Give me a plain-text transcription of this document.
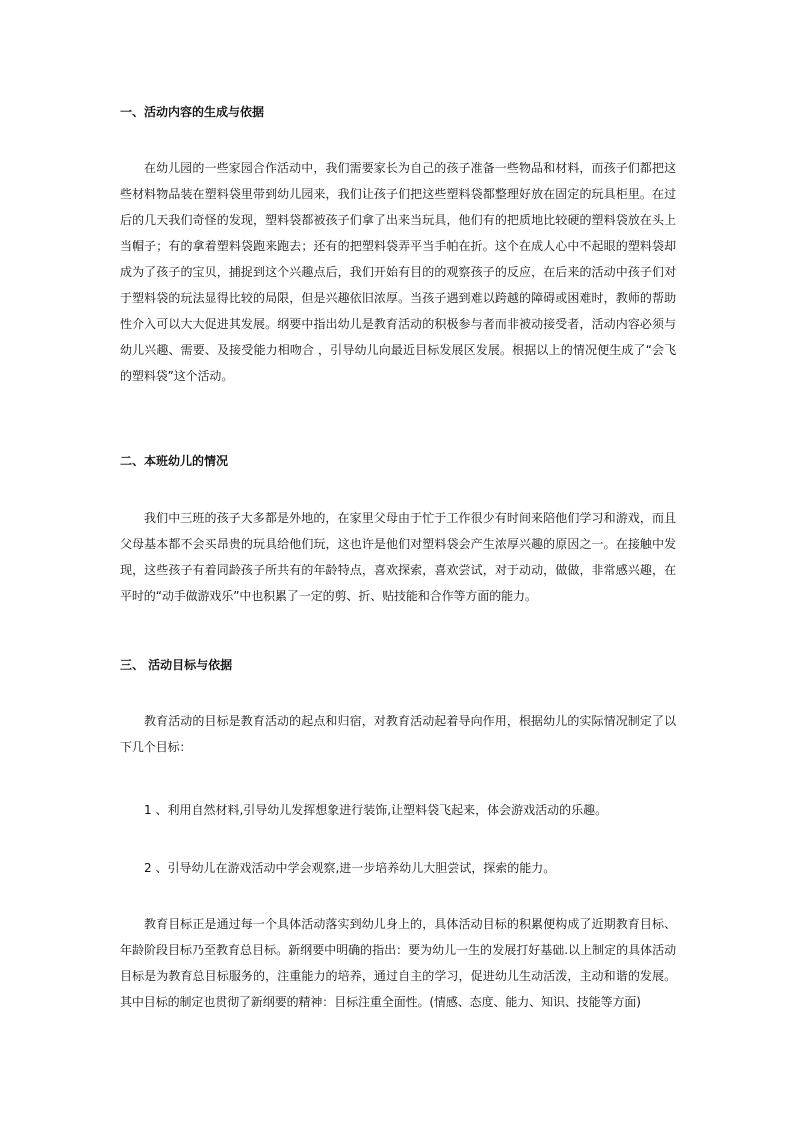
一、活动内容的生成与依据
在幼儿园的一些家园合作活动中，我们需要家长为自己的孩子准备一些物品和材料，而孩子们都把这些材料物品装在塑料袋里带到幼儿园来，我们让孩子们把这些塑料袋都整理好放在固定的玩具柜里。在过后的几天我们奇怪的发现，塑料袋都被孩子们拿了出来当玩具，他们有的把质地比较硬的塑料袋放在头上当帽子；有的拿着塑料袋跑来跑去；还有的把塑料袋弄平当手帕在折。这个在成人心中不起眼的塑料袋却成为了孩子的宝贝，捕捉到这个兴趣点后，我们开始有目的的观察孩子的反应，在后来的活动中孩子们对于塑料袋的玩法显得比较的局限，但是兴趣依旧浓厚。当孩子遇到难以跨越的障碍或困难时，教师的帮助性介入可以大大促进其发展。纲要中指出幼儿是教育活动的积极参与者而非被动接受者，活动内容必须与幼儿兴趣、需要、及接受能力相吻合 ，引导幼儿向最近目标发展区发展。根据以上的情况便生成了“会飞的塑料袋”这个活动。
二、本班幼儿的情况
我们中三班的孩子大多都是外地的，在家里父母由于忙于工作很少有时间来陪他们学习和游戏，而且父母基本都不会买昂贵的玩具给他们玩，这也许是他们对塑料袋会产生浓厚兴趣的原因之一。在接触中发现，这些孩子有着同龄孩子所共有的年龄特点，喜欢探索，喜欢尝试，对于动动，做做，非常感兴趣，在平时的“动手做游戏乐”中也积累了一定的剪、折、贴技能和合作等方面的能力。
三、 活动目标与依据
教育活动的目标是教育活动的起点和归宿，对教育活动起着导向作用，根据幼儿的实际情况制定了以下几个目标：
1 、利用自然材料,引导幼儿发挥想象进行装饰,让塑料袋飞起来，体会游戏活动的乐趣。
2 、引导幼儿在游戏活动中学会观察,进一步培养幼儿大胆尝试，探索的能力。
教育目标正是通过每一个具体活动落实到幼儿身上的，具体活动目标的积累便构成了近期教育目标、年龄阶段目标乃至教育总目标。新纲要中明确的指出：要为幼儿一生的发展打好基础.以上制定的具体活动目标是为教育总目标服务的，注重能力的培养，通过自主的学习，促进幼儿生动活泼，主动和谐的发展。其中目标的制定也贯彻了新纲要的精神：目标注重全面性。(情感、态度、能力、知识、技能等方面)
